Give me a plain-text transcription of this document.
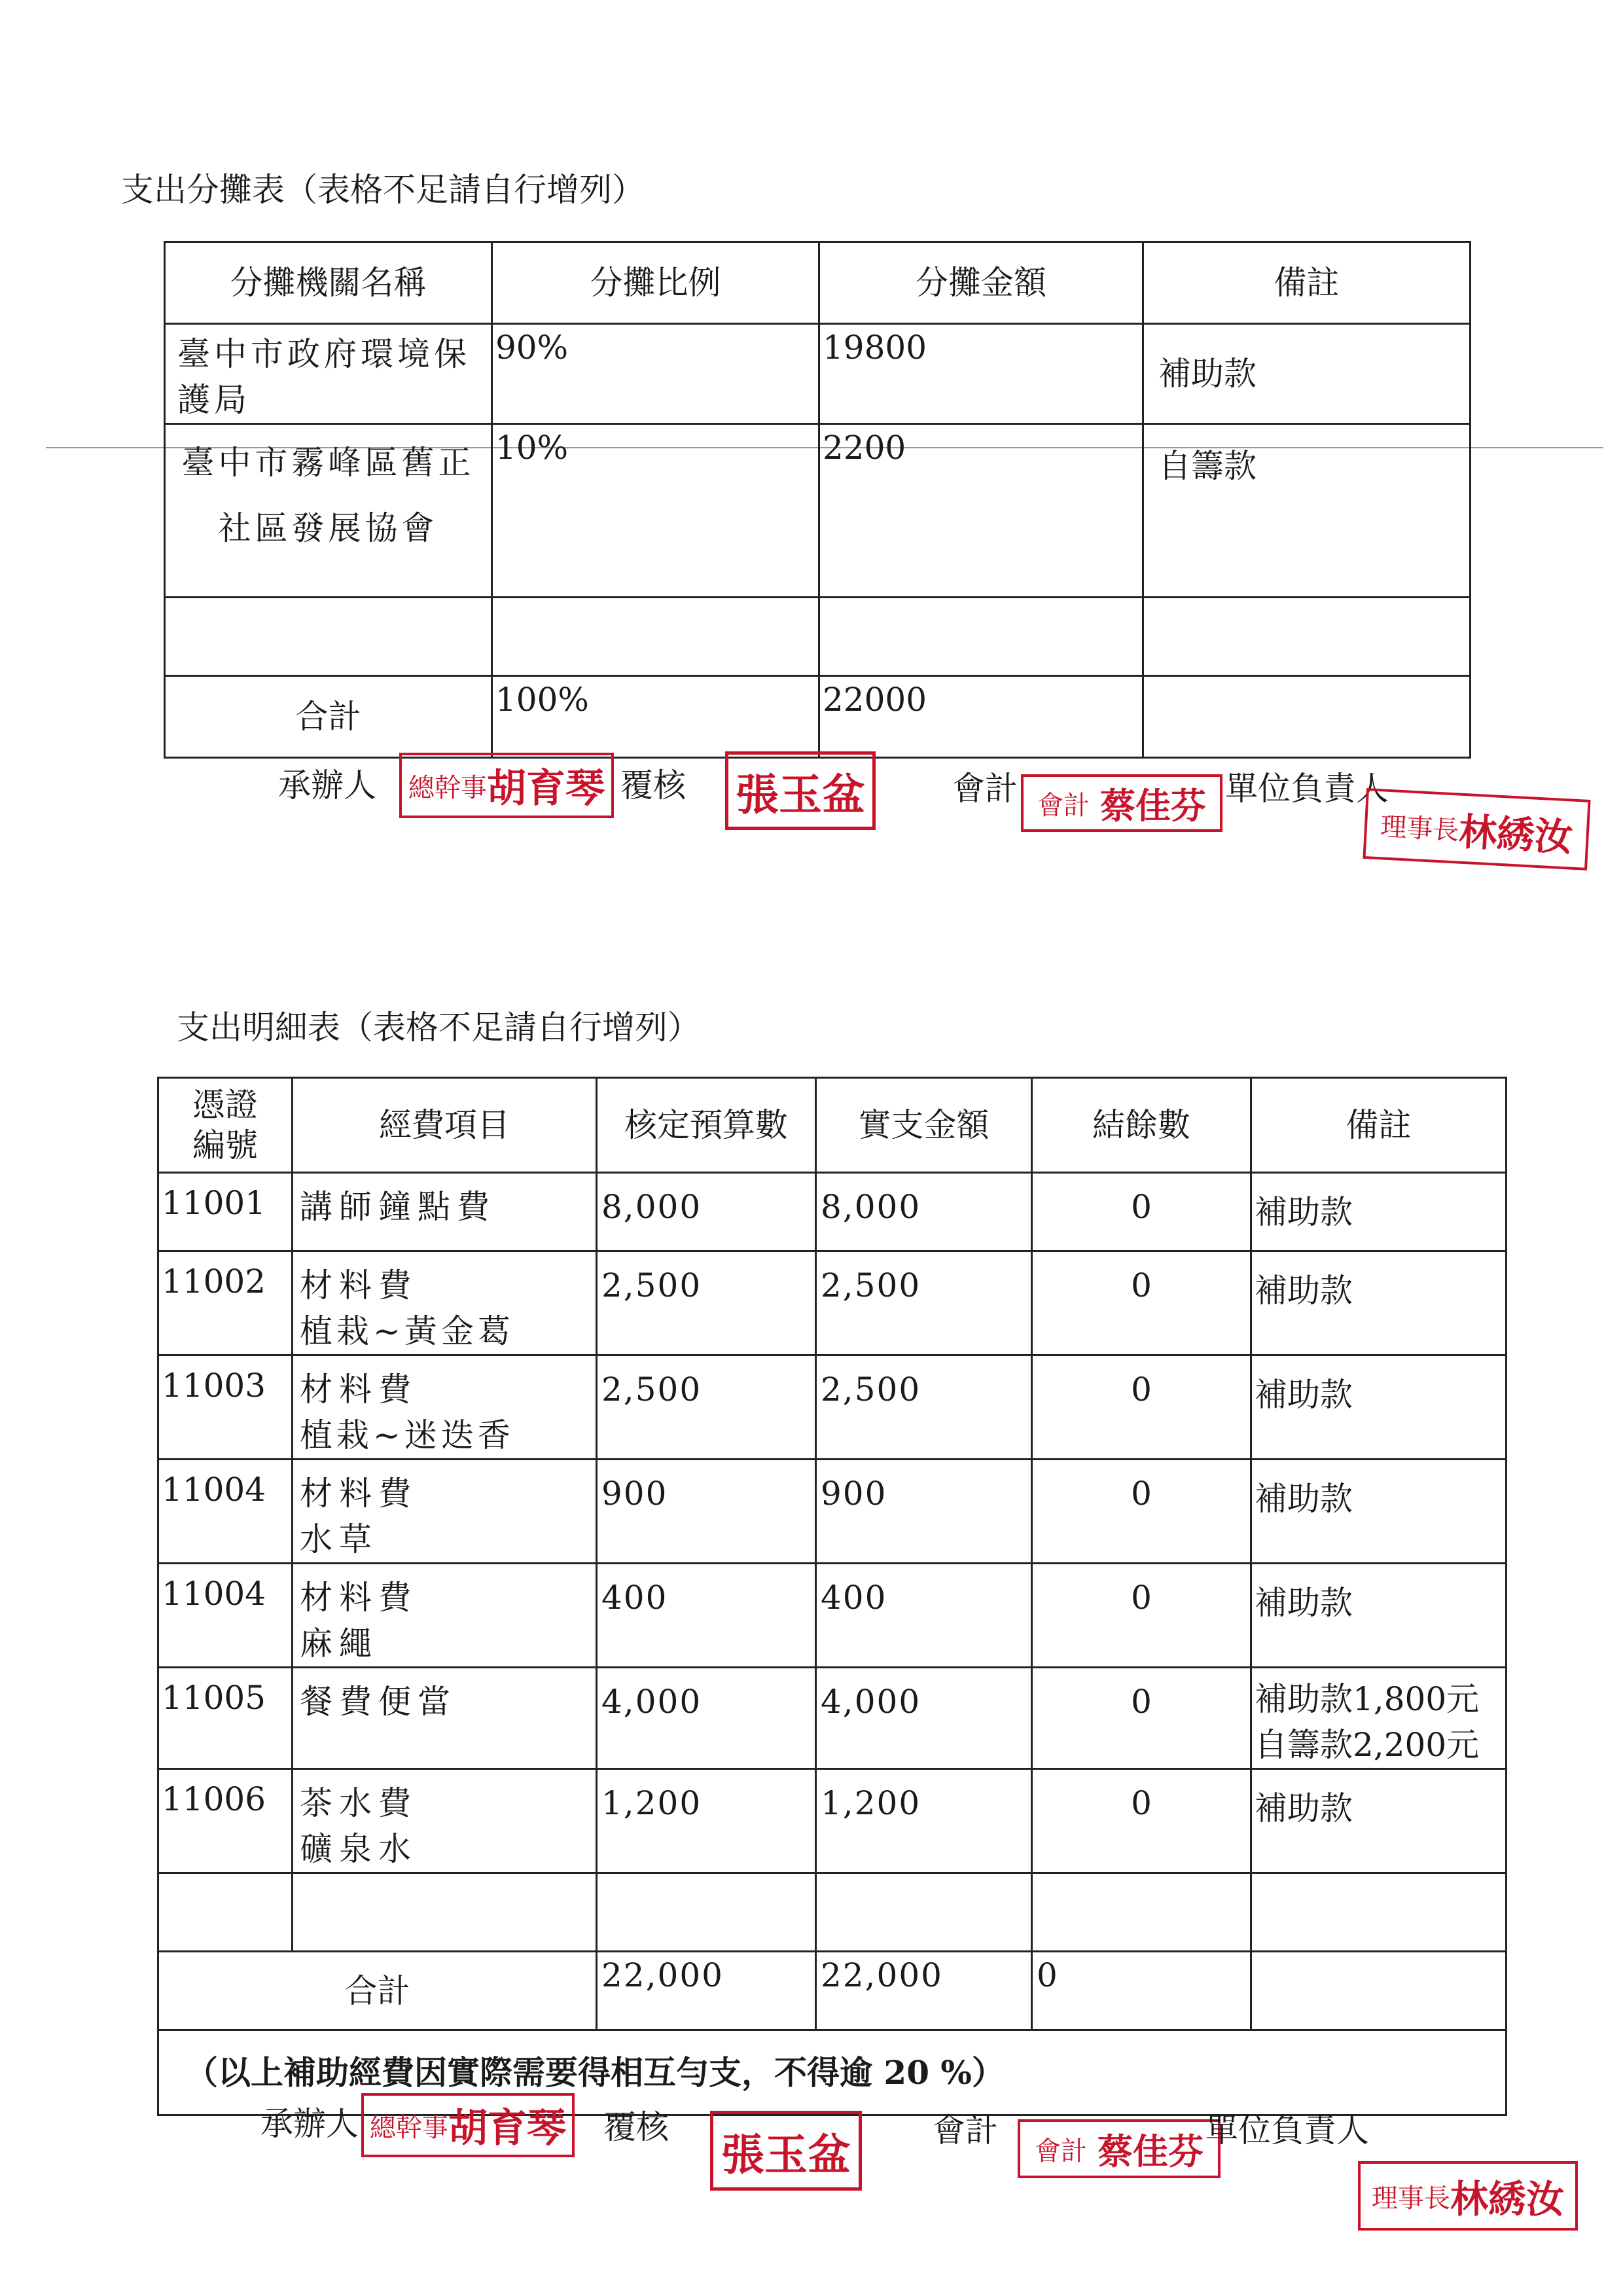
支出分攤表（表格不足請自行增列）
分攤機關名稱	分攤比例	分攤金額	備註

臺中市政府環境保
護局	90%	19800	補助款

臺中市霧峰區舊正
社區發展協會	10%	2200	自籌款

合計	100%	22000	
承辦人 總幹事 胡育琴 覆核 張玉盆	會計 會計 蔡佳芬 單位負責人
理事長
林綉汝
支出明細表（表格不足請自行增列）
憑證編號	經費項目	核定預算數	實支金額	結餘數	備註
11001	講師鐘點費	8,000	8,000	0	補助款

11002	材料費
植栽~黃金葛	2,500	2,500	0	補助款

11003	材料費
植栽~迷迭香	2,500	2,500	0	補助款

11004	材料費
水草	900	900	0	補助款

11004	材料費
麻繩	400	400	0	補助款

11005	餐費便當	4,000	4,000	0	補助款1,800元
自籌款2,200元

11006	茶水費
礦泉水	1,200	1,200	0	補助款

合計		22,000	22,000	0	
（以上補助經費因實際需要得相互勻支，不得逾 20 %）					
承辦人 總幹事 胡育琴 覆核
張玉盆	會計
會計 蔡佳芬 單位負責人
理事長 林綉汝
